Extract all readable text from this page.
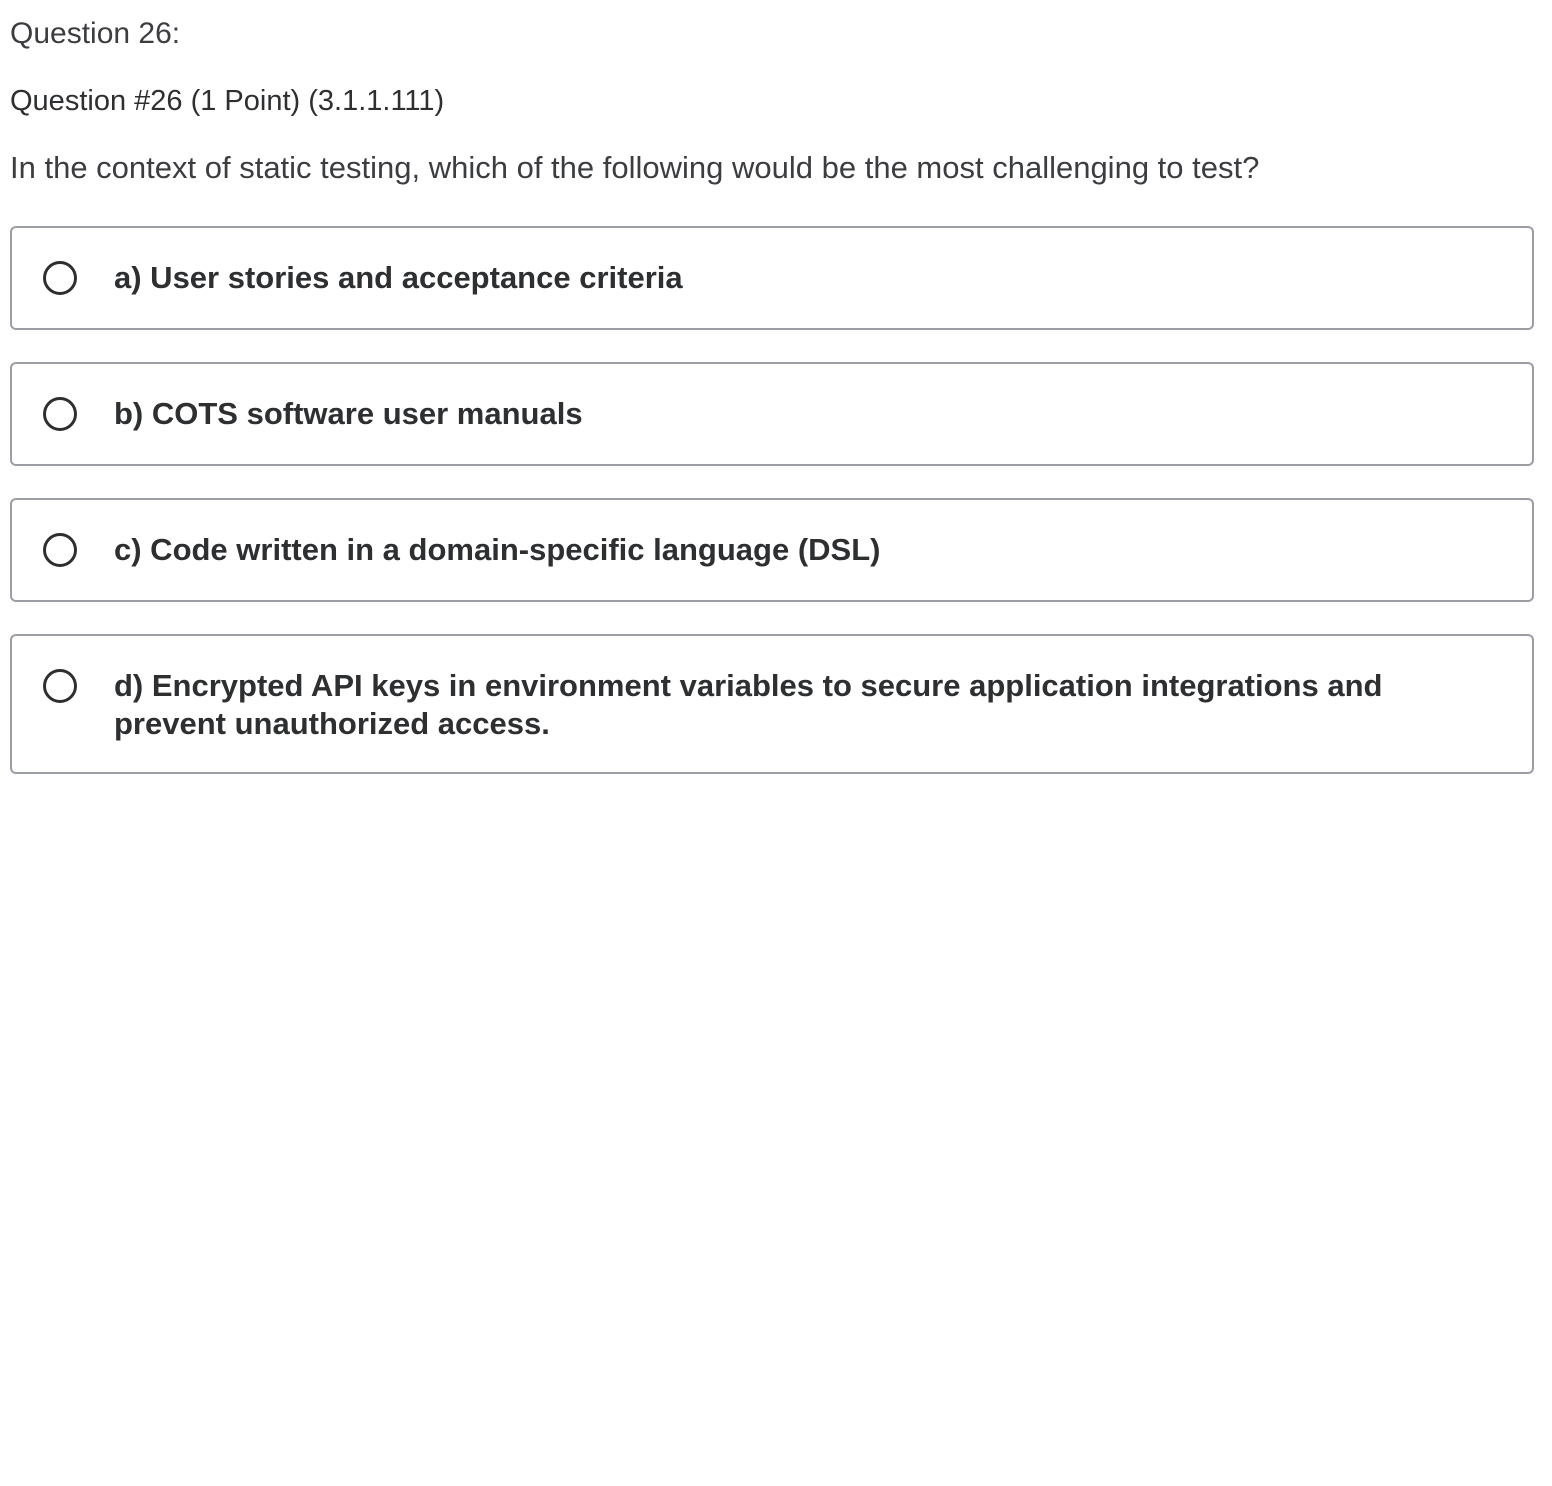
Question 26:
Question #26 (1 Point) (3.1.1.111)
In the context of static testing, which of the following would be the most challenging to test?
a) User stories and acceptance criteria
b) COTS software user manuals
c) Code written in a domain-specific language (DSL)
d) Encrypted API keys in environment variables to secure application integrations and prevent unauthorized access.
